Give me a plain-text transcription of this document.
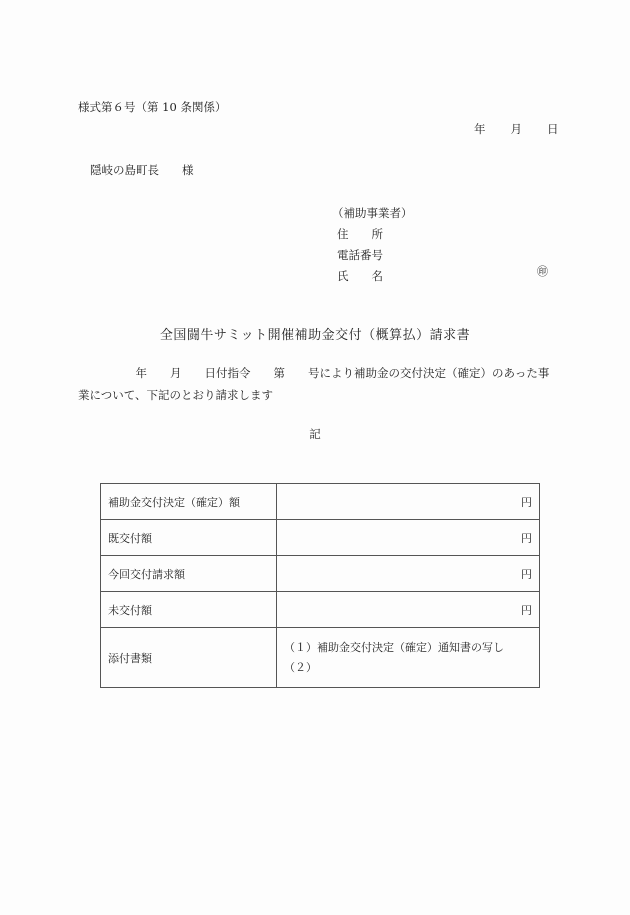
様式第６号（第 10 条関係）
年 月 日
隠岐の島町長　　様
（補助事業者）
住　　所
電話番号
氏　　名	㊞
全国闘牛サミット開催補助金交付（概算払）請求書
　　　　　年　　月　　日付指令　　第　　号により補助金の交付決定（確定）のあった事業について、下記のとおり請求します
記
補助金交付決定（確定）額	円
既交付額	円
今回交付請求額	円
未交付額	円
添付書類	（１）補助金交付決定（確定）通知書の写し
（２）
